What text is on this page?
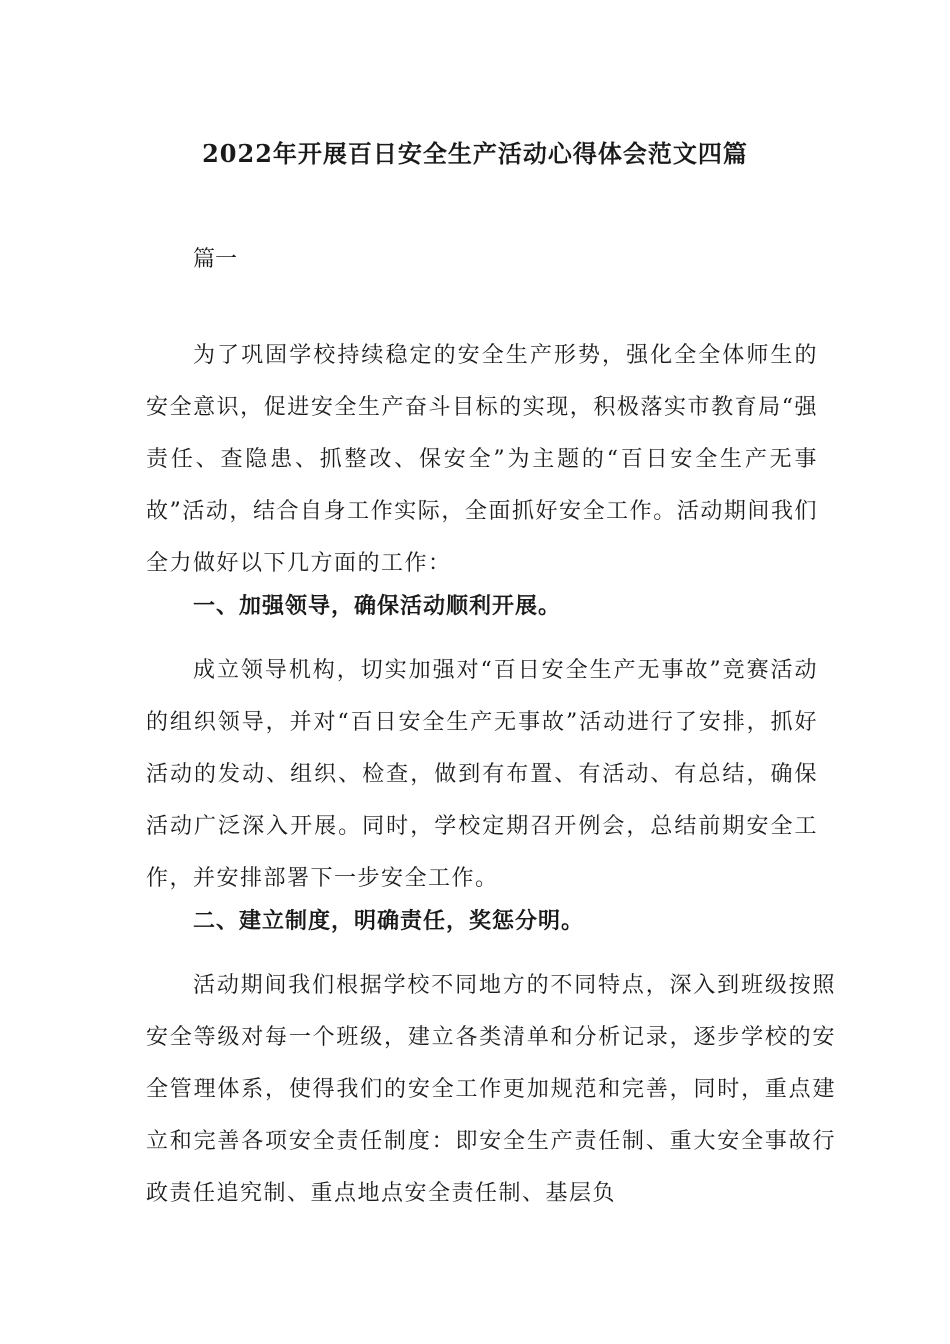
2022年开展百日安全生产活动心得体会范文四篇

篇一

为了巩固学校持续稳定的安全生产形势，强化全全体师生的安全意识，促进安全生产奋斗目标的实现，积极落实市教育局“强责任、查隐患、抓整改、保安全”为主题的“百日安全生产无事故”活动，结合自身工作实际，全面抓好安全工作。活动期间我们全力做好以下几方面的工作：

一、加强领导，确保活动顺利开展。

成立领导机构，切实加强对“百日安全生产无事故”竞赛活动的组织领导，并对“百日安全生产无事故”活动进行了安排，抓好活动的发动、组织、检查，做到有布置、有活动、有总结，确保活动广泛深入开展。同时，学校定期召开例会，总结前期安全工作，并安排部署下一步安全工作。

二、建立制度，明确责任，奖惩分明。

活动期间我们根据学校不同地方的不同特点，深入到班级按照安全等级对每一个班级，建立各类清单和分析记录，逐步学校的安全管理体系，使得我们的安全工作更加规范和完善，同时，重点建立和完善各项安全责任制度：即安全生产责任制、重大安全事故行政责任追究制、重点地点安全责任制、基层负
